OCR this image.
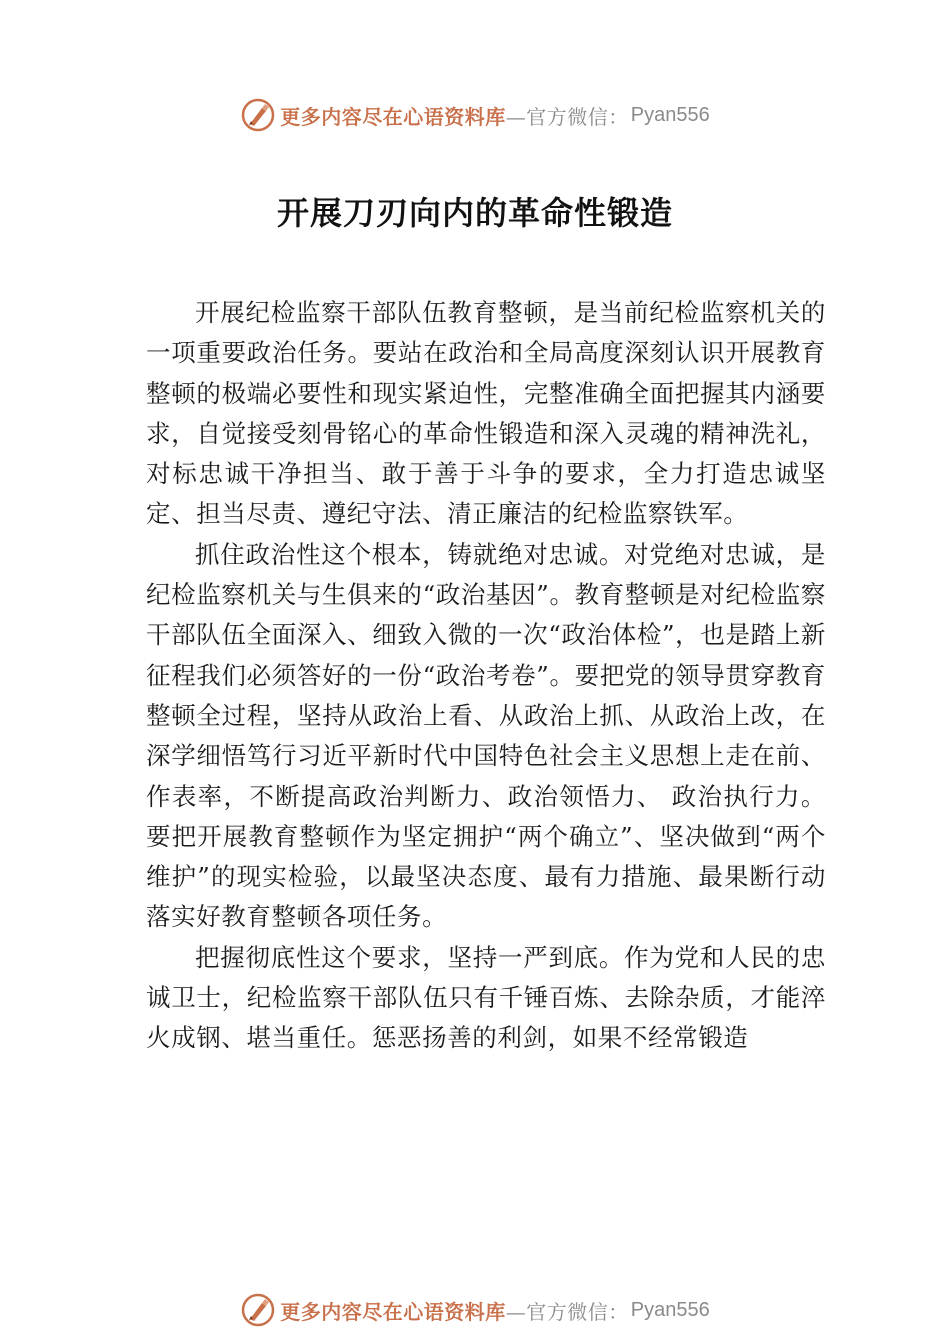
更多内容尽在心语资料库 —官方微信： Pyan556
开展刀刃向内的革命性锻造

开展纪检监察干部队伍教育整顿，是当前纪检监察机关的一项重要政治任务。要站在政治和全局高度深刻认识开展教育整顿的极端必要性和现实紧迫性，完整准确全面把握其内涵要求，自觉接受刻骨铭心的革命性锻造和深入灵魂的精神洗礼，对标忠诚干净担当、敢于善于斗争的要求，全力打造忠诚坚定、担当尽责、遵纪守法、清正廉洁的纪检监察铁军。

抓住政治性这个根本，铸就绝对忠诚。对党绝对忠诚，是纪检监察机关与生俱来的“政治基因”。教育整顿是对纪检监察干部队伍全面深入、细致入微的一次“政治体检”，也是踏上新征程我们必须答好的一份“政治考卷”。要把党的领导贯穿教育整顿全过程，坚持从政治上看、从政治上抓、从政治上改，在深学细悟笃行习近平新时代中国特色社会主义思想上走在前、作表率，不断提高政治判断力、政治领悟力、 政治执行力。要把开展教育整顿作为坚定拥护“两个确立”、坚决做到“两个维护”的现实检验，以最坚决态度、最有力措施、最果断行动落实好教育整顿各项任务。

把握彻底性这个要求，坚持一严到底。作为党和人民的忠诚卫士，纪检监察干部队伍只有千锤百炼、去除杂质，才能淬火成钢、堪当重任。惩恶扬善的利剑，如果不经常锻造

更多内容尽在心语资料库 —官方微信： Pyan556
